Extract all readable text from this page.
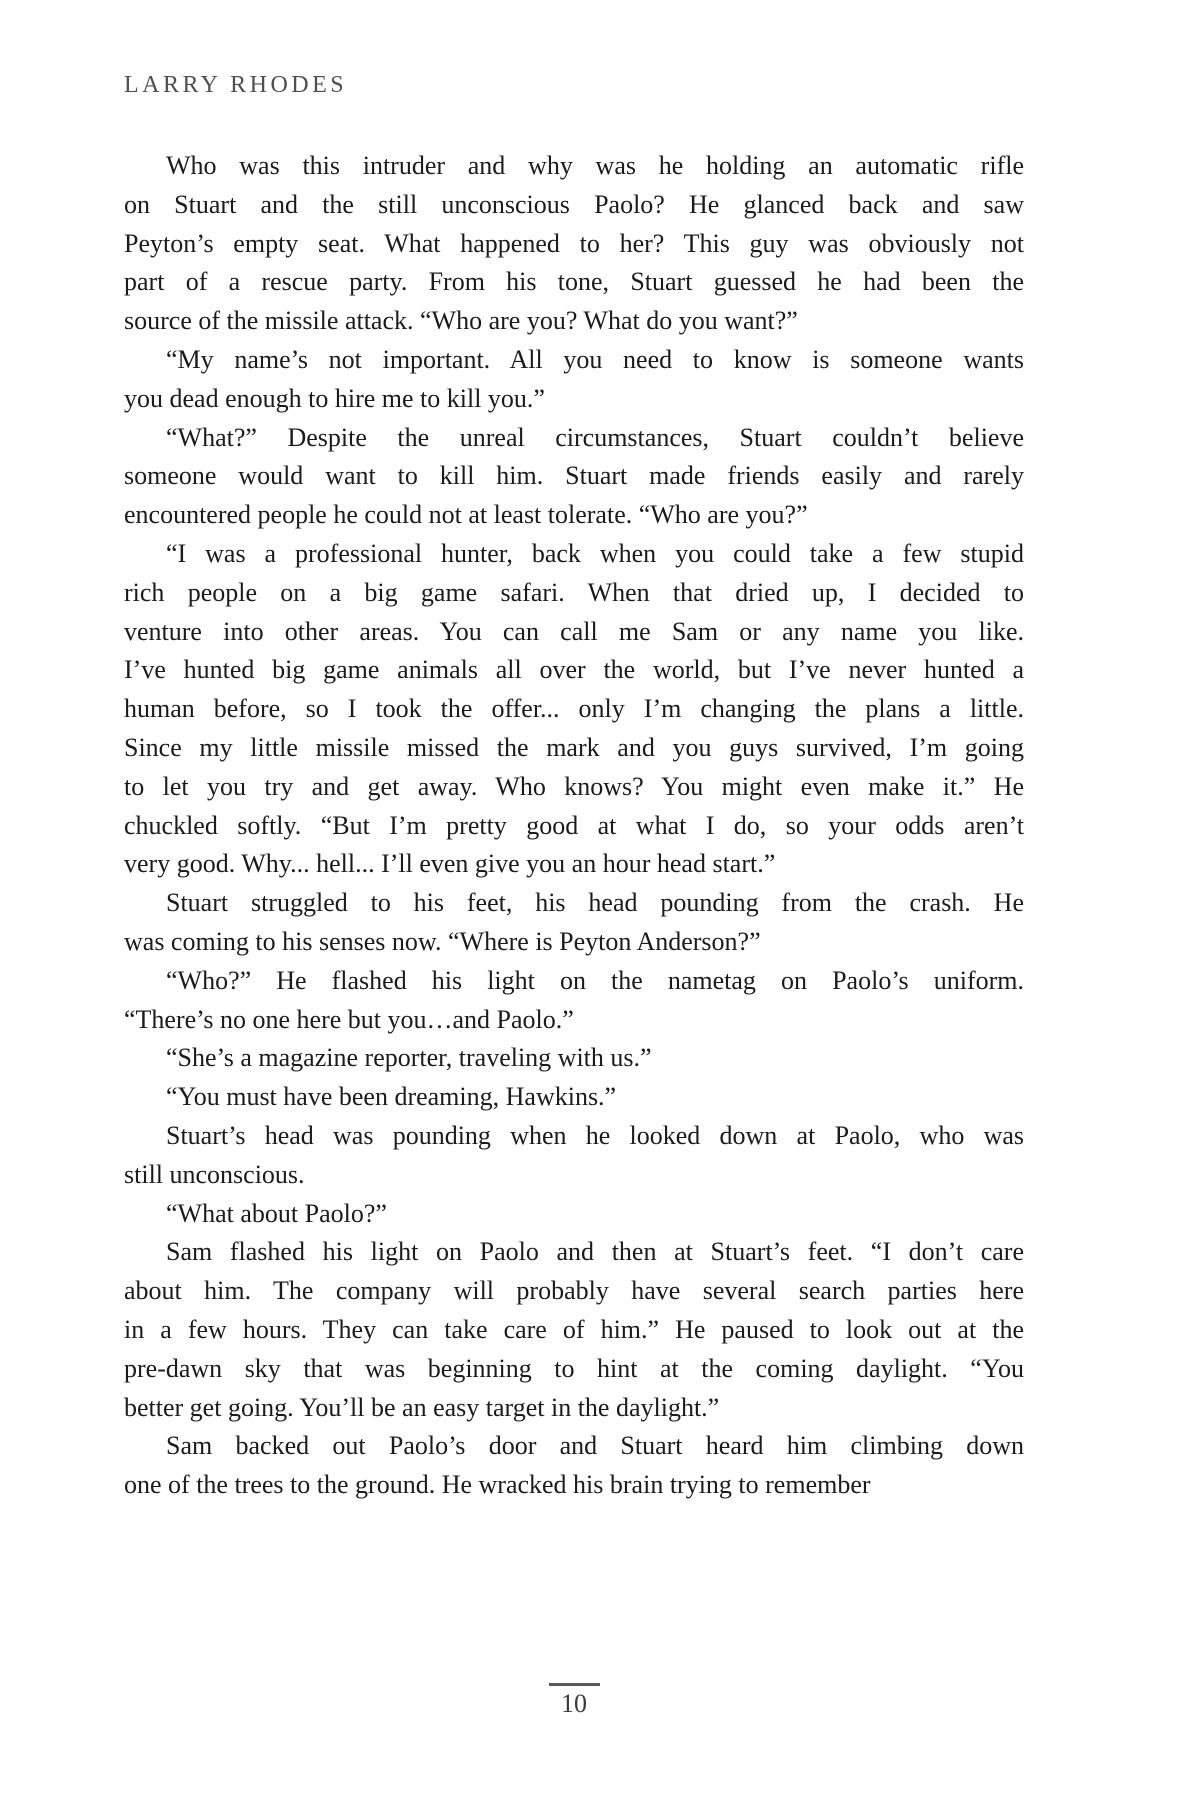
LARRY RHODES
Who was this intruder and why was he holding an automatic rifle
on Stuart and the still unconscious Paolo? He glanced back and saw
Peyton’s empty seat. What happened to her? This guy was obviously not
part of a rescue party. From his tone, Stuart guessed he had been the
source of the missile attack. “Who are you? What do you want?”
“My name’s not important. All you need to know is someone wants
you dead enough to hire me to kill you.”
“What?” Despite the unreal circumstances, Stuart couldn’t believe
someone would want to kill him. Stuart made friends easily and rarely
encountered people he could not at least tolerate. “Who are you?”
“I was a professional hunter, back when you could take a few stupid
rich people on a big game safari. When that dried up, I decided to
venture into other areas. You can call me Sam or any name you like.
I’ve hunted big game animals all over the world, but I’ve never hunted a
human before, so I took the offer... only I’m changing the plans a little.
Since my little missile missed the mark and you guys survived, I’m going
to let you try and get away. Who knows? You might even make it.” He
chuckled softly. “But I’m pretty good at what I do, so your odds aren’t
very good. Why... hell... I’ll even give you an hour head start.”
Stuart struggled to his feet, his head pounding from the crash. He
was coming to his senses now. “Where is Peyton Anderson?”
“Who?” He flashed his light on the nametag on Paolo’s uniform.
“There’s no one here but you…and Paolo.”
“She’s a magazine reporter, traveling with us.”
“You must have been dreaming, Hawkins.”
Stuart’s head was pounding when he looked down at Paolo, who was
still unconscious.
“What about Paolo?”
Sam flashed his light on Paolo and then at Stuart’s feet. “I don’t care
about him. The company will probably have several search parties here
in a few hours. They can take care of him.” He paused to look out at the
pre-dawn sky that was beginning to hint at the coming daylight. “You
better get going. You’ll be an easy target in the daylight.”
Sam backed out Paolo’s door and Stuart heard him climbing down
one of the trees to the ground. He wracked his brain trying to remember
10
